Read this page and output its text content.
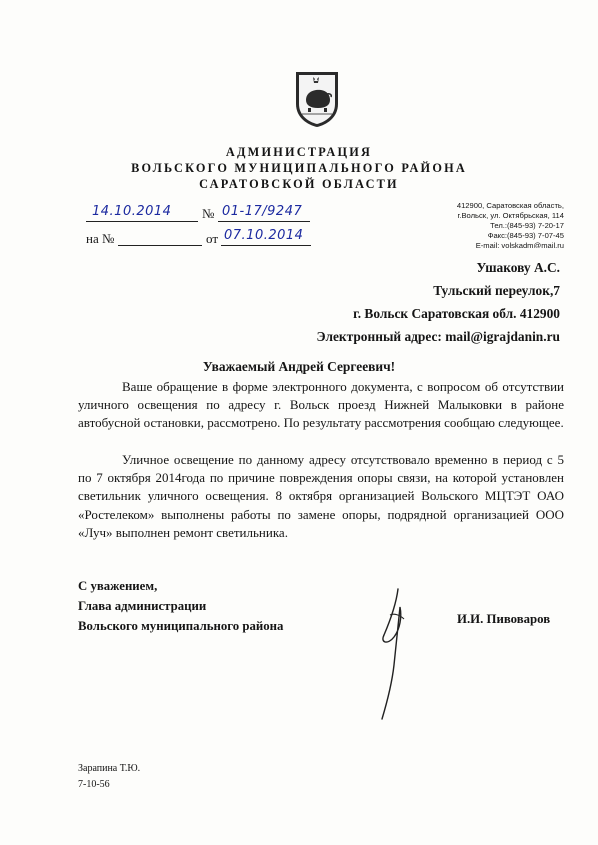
АДМИНИСТРАЦИЯ
ВОЛЬСКОГО МУНИЦИПАЛЬНОГО РАЙОНА
САРАТОВСКОЙ ОБЛАСТИ
14.10.2014 № 01-17/9247
на №	от 07.10.2014
412900, Саратовская область,
г.Вольск, ул. Октябрьская, 114
Тел.:(845-93) 7-20-17
Факс:(845-93) 7-07-45
E-mail: volskadm@mail.ru
Ушакову А.С.
Тульский переулок,7
г. Вольск Саратовская обл. 412900
Электронный адрес: mail@igrajdanin.ru
Уважаемый Андрей Сергеевич!
Ваше обращение в форме электронного документа, с вопросом об отсутствии уличного освещения по адресу г. Вольск проезд Нижней Малыковки в районе автобусной остановки, рассмотрено. По результату рассмотрения сообщаю следующее.
Уличное освещение по данному адресу отсутствовало временно в период с 5 по 7 октября 2014года по причине повреждения опоры связи, на которой установлен светильник уличного освещения. 8 октября организацией Вольского МЦТЭТ ОАО «Ростелеком» выполнены работы по замене опоры, подрядной организацией ООО «Луч» выполнен ремонт светильника.
С уважением,
Глава администрации
Вольского муниципального района	И.И. Пивоваров
Зарапина Т.Ю.
7-10-56
